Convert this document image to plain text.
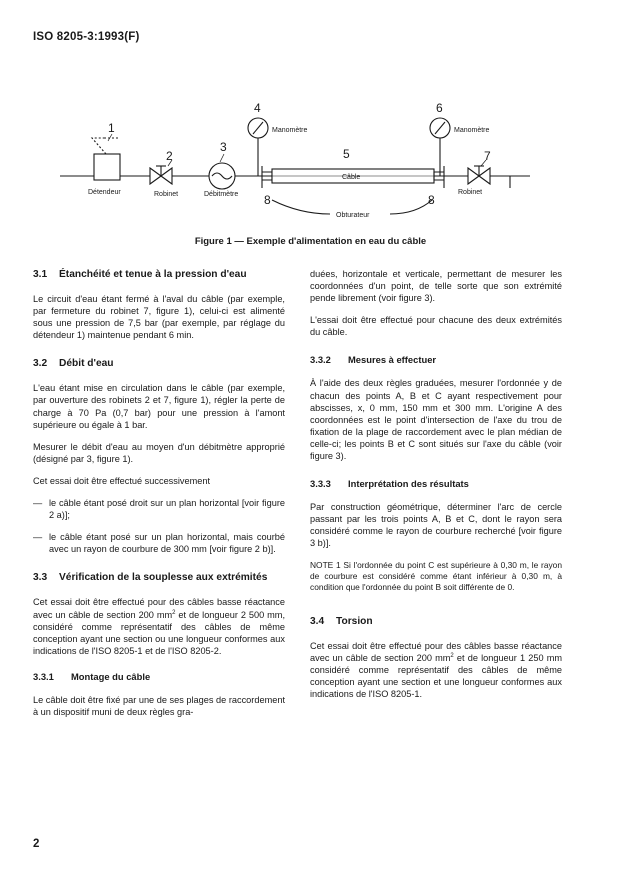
ISO 8205-3:1993(F)
Détendeur	Robinet	Débitmètre
Manomètre
Câble
Manomètre
Robinet
Obturateur
1
2
3
4
5
6
7
8	8
Figure 1 — Exemple d'alimentation en eau du câble
3.1	Étanchéité et tenue à la pression d'eau

Le circuit d'eau étant fermé à l'aval du câble (par exemple, par fermeture du robinet 7, figure 1), celui-ci est alimenté sous une pression de 7,5 bar (par exemple, par réglage du détendeur 1) maintenue pendant 6 min.

3.2	Débit d'eau

L'eau étant mise en circulation dans le câble (par exemple, par ouverture des robinets 2 et 7, figure 1), régler la perte de charge à 70 Pa (0,7 bar) pour une pression à l'amont supérieure ou égale à 1 bar.

Mesurer le débit d'eau au moyen d'un débitmètre approprié (désigné par 3, figure 1).

Cet essai doit être effectué successivement

— le câble étant posé droit sur un plan horizontal [voir figure 2 a)];
— le câble étant posé sur un plan horizontal, mais courbé avec un rayon de courbure de 300 mm [voir figure 2 b)].
3.3	Vérification de la souplesse aux extrémités

Cet essai doit être effectué pour des câbles basse réactance avec un câble de section 200 $mm^2$ et de longueur 2 500 mm, considéré comme représentatif des câbles de même conception ayant une section ou une longueur conformes aux indications de l'ISO 8205-1 et de l'ISO 8205-2.

3.3.1	Montage du câble

Le câble doit être fixé par une de ses plages de raccordement à un dispositif muni de deux règles gra-

duées, horizontale et verticale, permettant de mesurer les coordonnées d'un point, de telle sorte que son extrémité pende librement (voir figure 3).

L'essai doit être effectué pour chacune des deux extrémités du câble.

3.3.2	Mesures à effectuer

À l'aide des deux règles graduées, mesurer l'ordonnée y de chacun des points A, B et C ayant respectivement pour abscisses, x, 0 mm, 150 mm et 300 mm. L'origine A des coordonnées est le point d'intersection de l'axe du trou de fixation de la plage de raccordement avec le plan médian de celle-ci; les points B et C sont situés sur l'axe du câble (voir figure 3).

3.3.3	Interprétation des résultats

Par construction géométrique, déterminer l'arc de cercle passant par les trois points A, B et C, dont le rayon sera considéré comme le rayon de courbure recherché [voir figure 3 b)].

NOTE 1 Si l'ordonnée du point C est supérieure à 0,30 m, le rayon de courbure est considéré comme étant inférieur à 0,30 m, à condition que l'ordonnée du point B soit différente de 0.

3.4	Torsion

Cet essai doit être effectué pour des câbles basse réactance avec un câble de section 200 $mm^2$ et de longueur 1 250 mm considéré comme représentatif des câbles de même conception ayant une section et une longueur conformes aux indications de l'ISO 8205-1.

2
